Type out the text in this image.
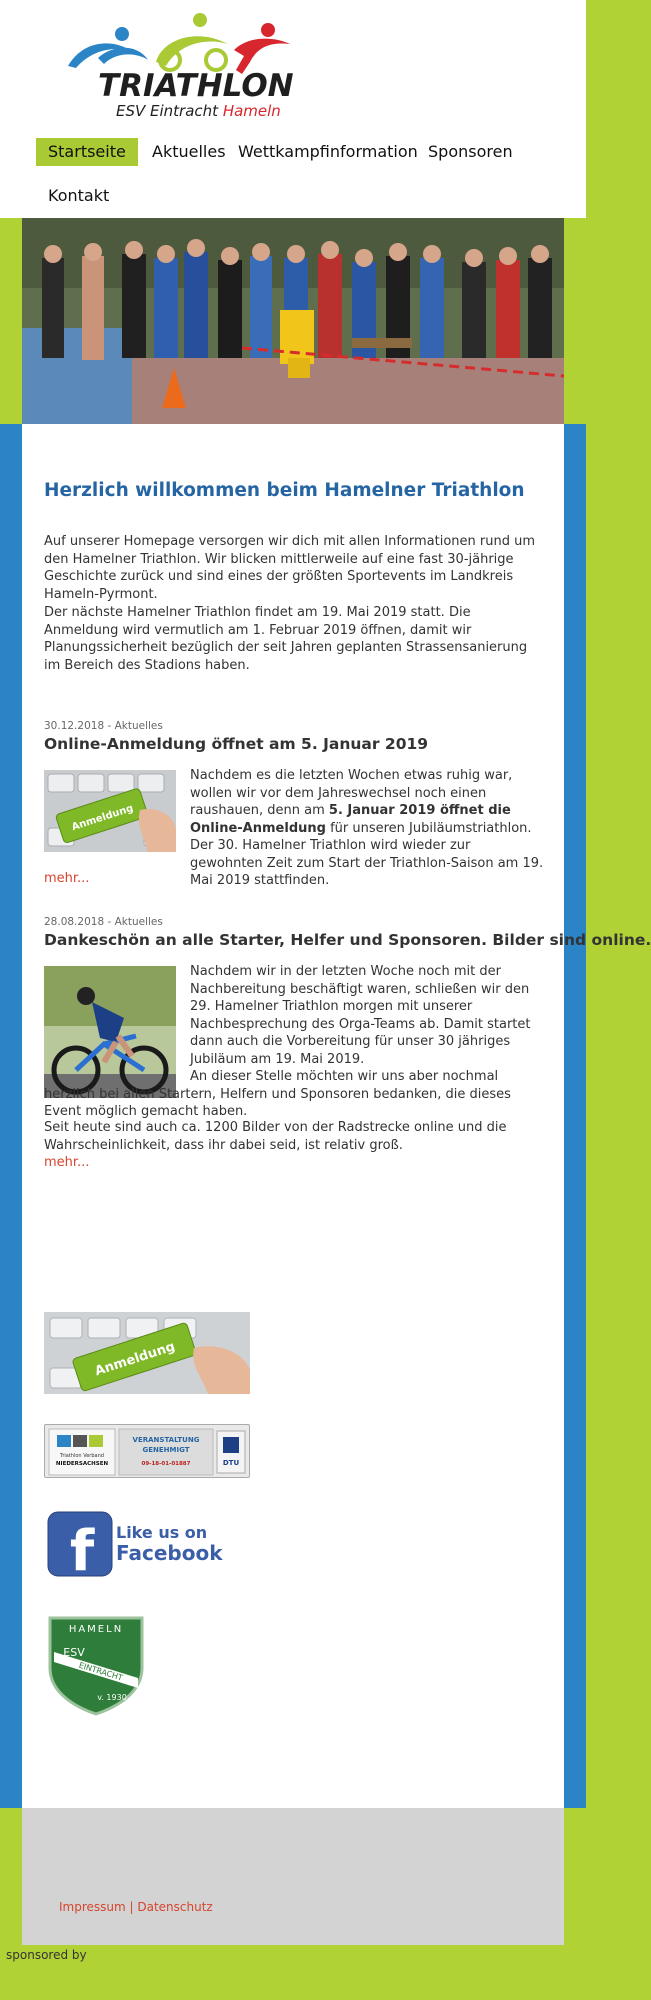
TRIATHLON
ESV Eintracht Hameln
Startseite	Aktuelles Wettkampfinformation Sponsoren
Kontakt
Herzlich willkommen beim Hamelner Triathlon

Auf unserer Homepage versorgen wir dich mit allen Informationen rund um den Hamelner Triathlon. Wir blicken mittlerweile auf eine fast 30-jährige Geschichte zurück und sind eines der größten Sportevents im Landkreis Hameln-Pyrmont.

Der nächste Hamelner Triathlon findet am 19. Mai 2019 statt. Die Anmeldung wird vermutlich am 1. Februar 2019 öffnen, damit wir Planungssicherheit bezüglich der seit Jahren geplanten Strassensanierung im Bereich des Stadions haben.

30.12.2018 - Aktuelles
Online-Anmeldung öffnet am 5. Januar 2019
Anmeldung

Nachdem es die letzten Wochen etwas ruhig war, wollen wir vor dem Jahreswechsel noch einen raushauen, denn am 5. Januar 2019 öffnet die Online-Anmeldung für unseren Jubiläumstriathlon. Der 30. Hamelner Triathlon wird wieder zur gewohnten Zeit zum Start der Triathlon-Saison am 19. Mai 2019 stattfinden.

mehr...
28.08.2018 - Aktuelles
Dankeschön an alle Starter, Helfer und Sponsoren. Bilder sind online.

Nachdem wir in der letzten Woche noch mit der Nachbereitung beschäftigt waren, schließen wir den 29. Hamelner Triathlon morgen mit unserer Nachbesprechung des Orga-Teams ab. Damit startet dann auch die Vorbereitung für unser 30 jähriges Jubiläum am 19. Mai 2019.
An dieser Stelle möchten wir uns aber nochmal herzlich bei allen Startern, Helfern und Sponsoren bedanken, die dieses Event möglich gemacht haben.

Seit heute sind auch ca. 1200 Bilder von der Radstrecke online und die Wahrscheinlichkeit, dass ihr dabei seid, ist relativ groß.

mehr...
Anmeldung
Triathlon Verband
NIEDERSACHSEN
VERANSTALTUNG
GENEHMIGT
09-18-01-01887	DTU
f Like us on
Facebook
HAMELN
ESV
EINTRACHT
v. 1930
Impressum | Datenschutz
sponsored by
